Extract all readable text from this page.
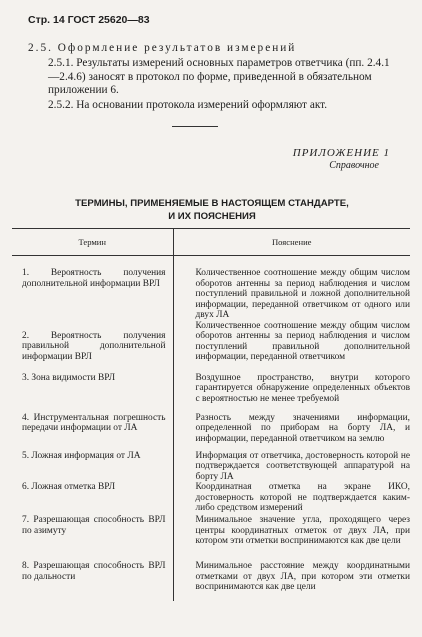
Стр. 14 ГОСТ 25620—83
2.5. Оформление результатов измерений
2.5.1. Результаты измерений основных параметров ответчика (пп. 2.4.1—2.4.6) заносят в протокол по форме, приведенной в обязательном приложении 6.
2.5.2. На основании протокола измерений оформляют акт.
ПРИЛОЖЕНИЕ 1
Справочное
ТЕРМИНЫ, ПРИМЕНЯЕМЫЕ В НАСТОЯЩЕМ СТАНДАРТЕ,
И ИХ ПОЯСНЕНИЯ
Термин	Пояснение
1. Вероятность получения дополнительной информации ВРЛ	Количественное соотношение между общим числом оборотов антенны за период наблюдения и числом поступлений правильной и ложной дополнительной информации, переданной ответчиком от одного или двух ЛА

2. Вероятность получения правильной дополнительной информации ВРЛ	Количественное соотношение между общим числом оборотов антенны за период наблюдения и числом поступлений правильной дополнительной информации, переданной ответчиком

3. Зона видимости ВРЛ	Воздушное пространство, внутри которого гарантируется обнаружение определенных объектов с вероятностью не менее требуемой

4. Инструментальная погрешность передачи информации от ЛА	Разность между значениями информации, определенной по приборам на борту ЛА, и информации, переданной ответчиком на землю

5. Ложная информация от ЛА	Информация от ответчика, достоверность которой не подтверждается соответствующей аппаратурой на борту ЛА

6. Ложная отметка ВРЛ	Координатная отметка на экране ИКО, достоверность которой не подтверждается каким-либо средством измерений

7. Разрешающая способность ВРЛ по азимуту	Минимальное значение угла, проходящего через центры координатных отметок от двух ЛА, при котором эти отметки воспринимаются как две цели

8. Разрешающая способность ВРЛ по дальности	Минимальное расстояние между координатными отметками от двух ЛА, при котором эти отметки воспринимаются как две цели
